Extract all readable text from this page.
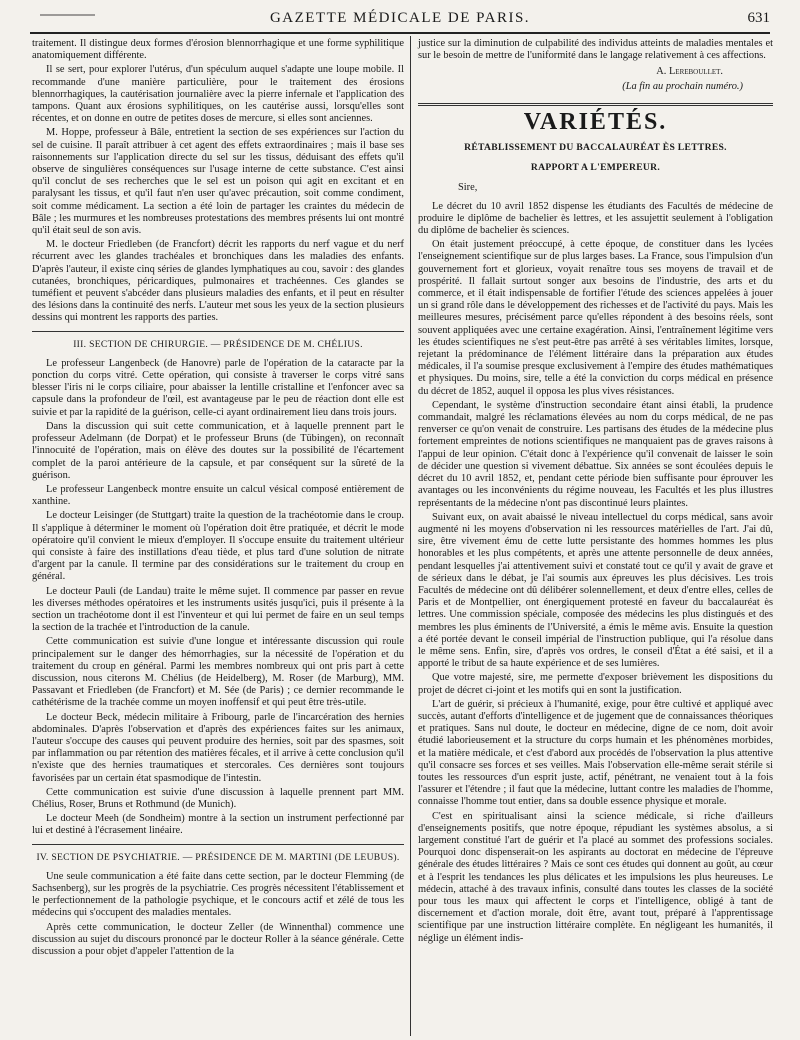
GAZETTE MÉDICALE DE PARIS.	631

traitement. Il distingue deux formes d'érosion blennorrhagique et une forme syphilitique anatomiquement différente.

Il se sert, pour explorer l'utérus, d'un spéculum auquel s'adapte une loupe mobile. Il recommande d'une manière particulière, pour le traitement des érosions blennorrhagiques, la cautérisation journalière avec la pierre infernale et l'application des tampons. Quant aux érosions syphilitiques, on les cautérise aussi, lorsqu'elles sont récentes, et on donne en outre de petites doses de mercure, si elles sont anciennes.

M. Hoppe, professeur à Bâle, entretient la section de ses expériences sur l'action du sel de cuisine. Il paraît attribuer à cet agent des effets extraordinaires ; mais il base ses raisonnements sur l'application directe du sel sur les tissus, déduisant des effets qu'il observe de singulières conséquences sur l'usage interne de cette substance. C'est ainsi qu'il conclut de ses recherches que le sel est un poison qui agit en excitant et en paralysant les tissus, et qu'il faut n'en user qu'avec précaution, soit comme condiment, soit comme médicament. La section a été loin de partager les craintes du médecin de Bâle ; les murmures et les nombreuses protestations des membres présents lui ont montré qu'il était seul de son avis.

M. le docteur Friedleben (de Francfort) décrit les rapports du nerf vague et du nerf récurrent avec les glandes trachéales et bronchiques dans les maladies des enfants. D'après l'auteur, il existe cinq séries de glandes lymphatiques au cou, savoir : des glandes cutanées, bronchiques, péricardiques, pulmonaires et trachéennes. Ces glandes se tuméfient et peuvent s'abcéder dans plusieurs maladies des enfants, et il peut en résulter des lésions dans la continuité des nerfs. L'auteur met sous les yeux de la section plusieurs dessins qui montrent les rapports des parties.

III. SECTION DE CHIRURGIE. — PRÉSIDENCE DE M. CHÉLIUS.

Le professeur Langenbeck (de Hanovre) parle de l'opération de la cataracte par la ponction du corps vitré. Cette opération, qui consiste à traverser le corps vitré sans blesser l'iris ni le corps ciliaire, pour abaisser la lentille cristalline et l'enfoncer avec sa capsule dans la profondeur de l'œil, est avantageuse par le peu de réaction dont elle est suivie et par la rapidité de la guérison, celle-ci ayant ordinairement lieu dans trois jours.

Dans la discussion qui suit cette communication, et à laquelle prennent part le professeur Adelmann (de Dorpat) et le professeur Bruns (de Tübingen), on reconnaît l'innocuité de l'opération, mais on élève des doutes sur la possibilité de l'écartement complet de la paroi antérieure de la capsule, et par conséquent sur la sûreté de la guérison.

Le professeur Langenbeck montre ensuite un calcul vésical composé entièrement de xanthine.

Le docteur Leisinger (de Stuttgart) traite la question de la trachéotomie dans le croup. Il s'applique à déterminer le moment où l'opération doit être pratiquée, et décrit le mode opératoire qu'il convient le mieux d'employer. Il s'occupe ensuite du traitement ultérieur qui consiste à faire des instillations d'eau tiède, et plus tard d'une solution de nitrate d'argent par la canule. Il termine par des considérations sur le traitement du croup en général.

Le docteur Pauli (de Landau) traite le même sujet. Il commence par passer en revue les diverses méthodes opératoires et les instruments usités jusqu'ici, puis il présente à la section un trachéotome dont il est l'inventeur et qui lui permet de faire en un seul temps la section de la trachée et l'introduction de la canule.

Cette communication est suivie d'une longue et intéressante discussion qui roule principalement sur le danger des hémorrhagies, sur la nécessité de l'opération et du traitement du croup en général. Parmi les membres nombreux qui ont pris part à cette discussion, nous citerons M. Chélius (de Heidelberg), M. Roser (de Marburg), MM. Passavant et Friedleben (de Francfort) et M. Sée (de Paris) ; ce dernier recommande le cathétérisme de la trachée comme un moyen inoffensif et qui peut être très-utile.

Le docteur Beck, médecin militaire à Fribourg, parle de l'incarcération des hernies abdominales. D'après l'observation et d'après des expériences faites sur les animaux, l'auteur s'occupe des causes qui peuvent produire des hernies, soit par des spasmes, soit par inflammation ou par rétention des matières fécales, et il arrive à cette conclusion qu'il n'existe que des hernies traumatiques et stercorales. Ces dernières sont toujours favorisées par un certain état spasmodique de l'intestin.

Cette communication est suivie d'une discussion à laquelle prennent part MM. Chélius, Roser, Bruns et Rothmund (de Munich).

Le docteur Meeh (de Sondheim) montre à la section un instrument perfectionné par lui et destiné à l'écrasement linéaire.

IV. SECTION DE PSYCHIATRIE. — PRÉSIDENCE DE M. MARTINI (DE LEUBUS).

Une seule communication a été faite dans cette section, par le docteur Flemming (de Sachsenberg), sur les progrès de la psychiatrie. Ces progrès nécessitent l'établissement et le perfectionnement de la pathologie psychique, et le concours actif et zélé de tous les médecins qui s'occupent des maladies mentales.

Après cette communication, le docteur Zeller (de Winnenthal) commence une discussion au sujet du discours prononcé par le docteur Roller à la séance générale. Cette discussion a pour objet d'appeler l'attention de la

justice sur la diminution de culpabilité des individus atteints de maladies mentales et sur le besoin de mettre de l'uniformité dans le langage relativement à ces affections.

A. Lereboullet.

(La fin au prochain numéro.)

VARIÉTÉS.
RÉTABLISSEMENT DU BACCALAURÉAT ÈS LETTRES.
RAPPORT A L'EMPEREUR.

Sire,

Le décret du 10 avril 1852 dispense les étudiants des Facultés de médecine de produire le diplôme de bachelier ès lettres, et les assujettit seulement à l'obligation du diplôme de bachelier ès sciences.

On était justement préoccupé, à cette époque, de constituer dans les lycées l'enseignement scientifique sur de plus larges bases. La France, sous l'impulsion d'un gouvernement fort et glorieux, voyait renaître tous ses moyens de travail et de prospérité. Il fallait surtout songer aux besoins de l'industrie, des arts et du commerce, et il était indispensable de fortifier l'étude des sciences appelées à jouer un si grand rôle dans le développement des richesses et de l'activité du pays. Mais les meilleures mesures, précisément parce qu'elles répondent à des besoins réels, sont souvent appliquées avec une certaine exagération. Ainsi, l'entraînement légitime vers les études scientifiques ne s'est peut-être pas arrêté à ses véritables limites, lorsque, rejetant la prédominance de l'élément littéraire dans la préparation aux études médicales, il l'a soumise presque exclusivement à l'empire des études mathématiques et physiques. Du moins, sire, telle a été la conviction du corps médical en présence du décret de 1852, auquel il opposa les plus vives résistances.

Cependant, le système d'instruction secondaire étant ainsi établi, la prudence commandait, malgré les réclamations élevées au nom du corps médical, de ne pas renverser ce qu'on venait de construire. Les partisans des études de la médecine plus fortement empreintes de notions scientifiques ne manquaient pas de graves raisons à l'appui de leur opinion. C'était donc à l'expérience qu'il convenait de laisser le soin de décider une question si vivement débattue. Six années se sont écoulées depuis le décret du 10 avril 1852, et, pendant cette période bien suffisante pour éprouver les avantages ou les inconvénients du régime nouveau, les Facultés et les plus illustres représentants de la médecine n'ont pas discontinué leurs plaintes.

Suivant eux, on avait abaissé le niveau intellectuel du corps médical, sans avoir augmenté ni les moyens d'observation ni les ressources matérielles de l'art. J'ai dû, sire, être vivement ému de cette lutte persistante des hommes hommes les plus honorables et les plus compétents, et après une attente personnelle de deux années, pendant lesquelles j'ai attentivement suivi et constaté tout ce qu'il y avait de grave et de sérieux dans le débat, je l'ai soumis aux épreuves les plus décisives. Les trois Facultés de médecine ont dû délibérer solennellement, et deux d'entre elles, celles de Paris et de Montpellier, ont énergiquement protesté en faveur du baccalauréat ès lettres. Une commission spéciale, composée des médecins les plus distingués et des membres les plus éminents de l'Université, a émis le même avis. Ensuite la question a été portée devant le conseil impérial de l'instruction publique, qui l'a résolue dans le même sens. Enfin, sire, d'après vos ordres, le conseil d'État a été saisi, et il a apporté le tribut de sa haute expérience et de ses lumières.

Que votre majesté, sire, me permette d'exposer brièvement les dispositions du projet de décret ci-joint et les motifs qui en sont la justification.

L'art de guérir, si précieux à l'humanité, exige, pour être cultivé et appliqué avec succès, autant d'efforts d'intelligence et de jugement que de connaissances théoriques et pratiques. Sans nul doute, le docteur en médecine, digne de ce nom, doit avoir étudié laborieusement et la structure du corps humain et les phénomènes morbides, et la matière médicale, et c'est d'abord aux procédés de l'observation la plus attentive qu'il consacre ses forces et ses veilles. Mais l'observation elle-même serait stérile si toutes les ressources d'un esprit juste, actif, pénétrant, ne venaient tout à la fois l'assurer et l'étendre ; il faut que la médecine, luttant contre les maladies de l'homme, connaisse l'homme tout entier, dans sa double essence physique et morale.

C'est en spiritualisant ainsi la science médicale, si riche d'ailleurs d'enseignements positifs, que notre époque, répudiant les systèmes absolus, a si largement constitué l'art de guérir et l'a placé au sommet des professions sociales. Pourquoi donc dispenserait-on les aspirants au doctorat en médecine de l'épreuve générale des études littéraires ? Mais ce sont ces études qui donnent au goût, au cœur et à l'esprit les tendances les plus délicates et les impulsions les plus heureuses. Le médecin, attaché à des travaux infinis, consulté dans toutes les classes de la société pour tous les maux qui affectent le corps et l'intelligence, obligé à tant de discernement et d'action morale, doit être, avant tout, préparé à l'apprentissage scientifique par une instruction littéraire complète. En négligeant les humanités, il néglige un élément indis-
